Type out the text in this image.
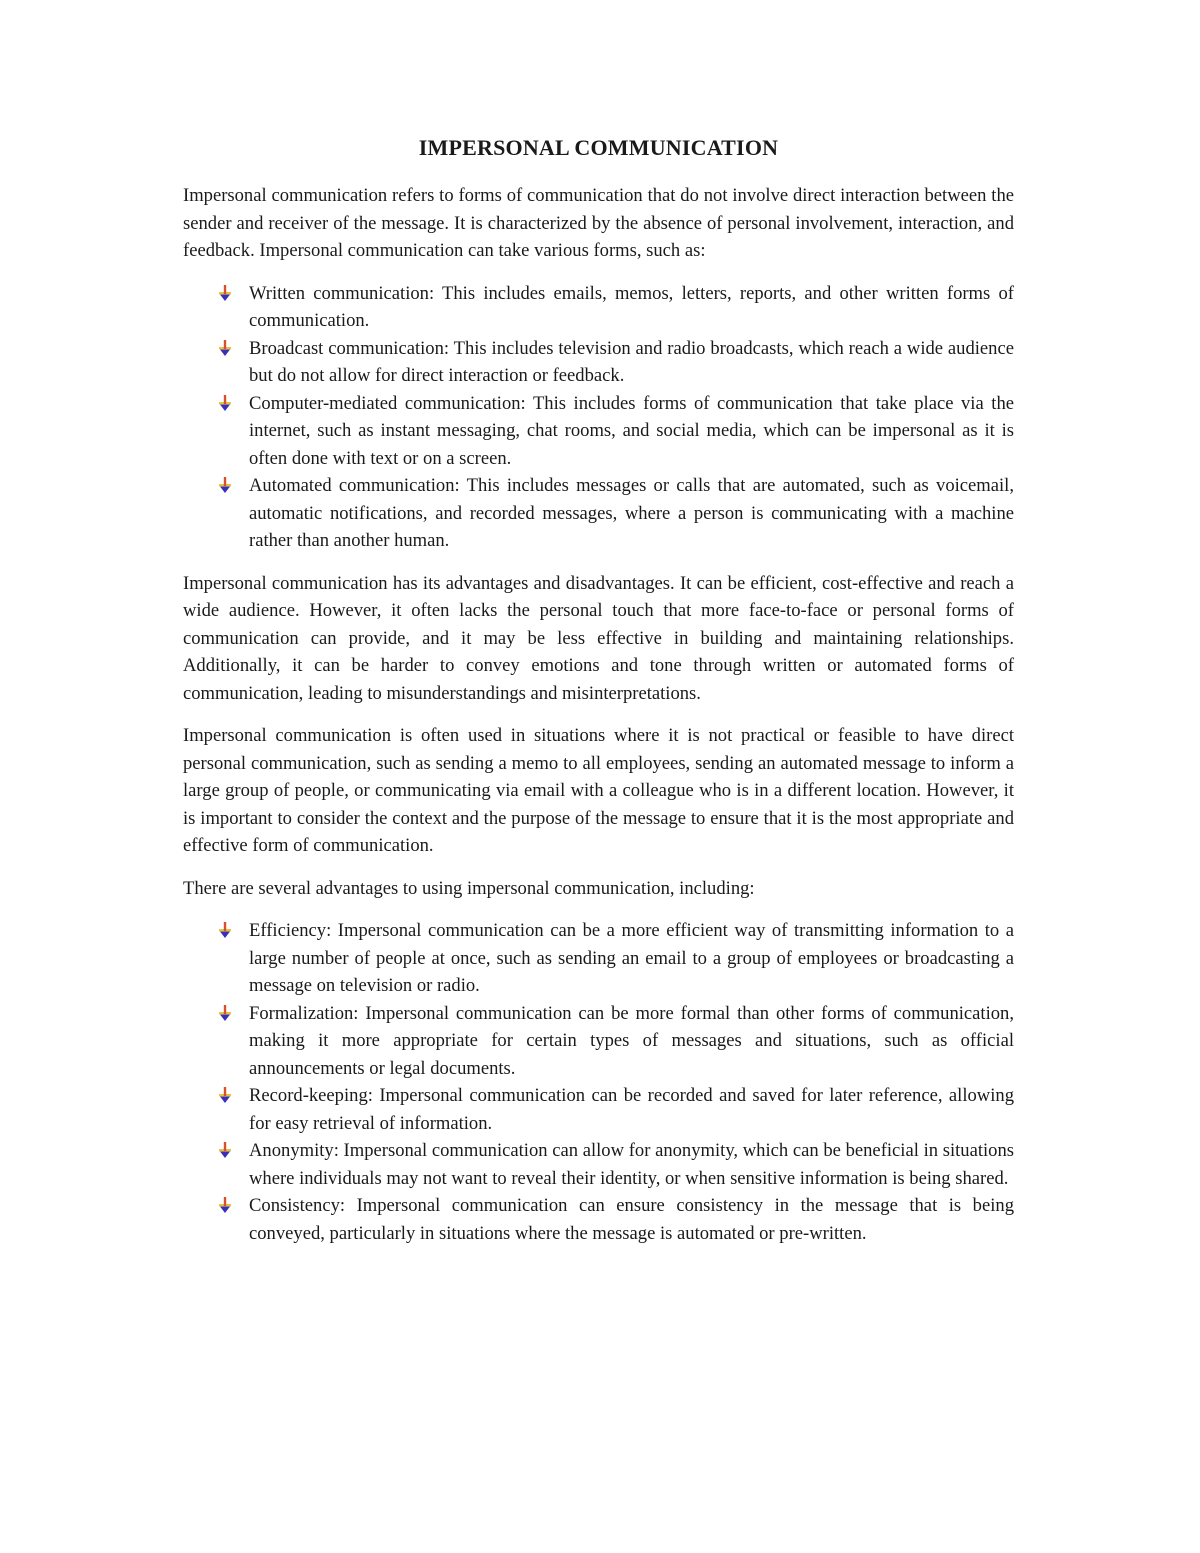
IMPERSONAL COMMUNICATION

Impersonal communication refers to forms of communication that do not involve direct interaction between the sender and receiver of the message. It is characterized by the absence of personal involvement, interaction, and feedback. Impersonal communication can take various forms, such as:

Written communication: This includes emails, memos, letters, reports, and other written forms of communication.
Broadcast communication: This includes television and radio broadcasts, which reach a wide audience but do not allow for direct interaction or feedback.
Computer-mediated communication: This includes forms of communication that take place via the internet, such as instant messaging, chat rooms, and social media, which can be impersonal as it is often done with text or on a screen.
Automated communication: This includes messages or calls that are automated, such as voicemail, automatic notifications, and recorded messages, where a person is communicating with a machine rather than another human.

Impersonal communication has its advantages and disadvantages. It can be efficient, cost-effective and reach a wide audience. However, it often lacks the personal touch that more face-to-face or personal forms of communication can provide, and it may be less effective in building and maintaining relationships. Additionally, it can be harder to convey emotions and tone through written or automated forms of communication, leading to misunderstandings and misinterpretations.

Impersonal communication is often used in situations where it is not practical or feasible to have direct personal communication, such as sending a memo to all employees, sending an automated message to inform a large group of people, or communicating via email with a colleague who is in a different location. However, it is important to consider the context and the purpose of the message to ensure that it is the most appropriate and effective form of communication.

There are several advantages to using impersonal communication, including:

Efficiency: Impersonal communication can be a more efficient way of transmitting information to a large number of people at once, such as sending an email to a group of employees or broadcasting a message on television or radio.
Formalization: Impersonal communication can be more formal than other forms of communication, making it more appropriate for certain types of messages and situations, such as official announcements or legal documents.
Record-keeping: Impersonal communication can be recorded and saved for later reference, allowing for easy retrieval of information.
Anonymity: Impersonal communication can allow for anonymity, which can be beneficial in situations where individuals may not want to reveal their identity, or when sensitive information is being shared.
Consistency: Impersonal communication can ensure consistency in the message that is being conveyed, particularly in situations where the message is automated or pre-written.
